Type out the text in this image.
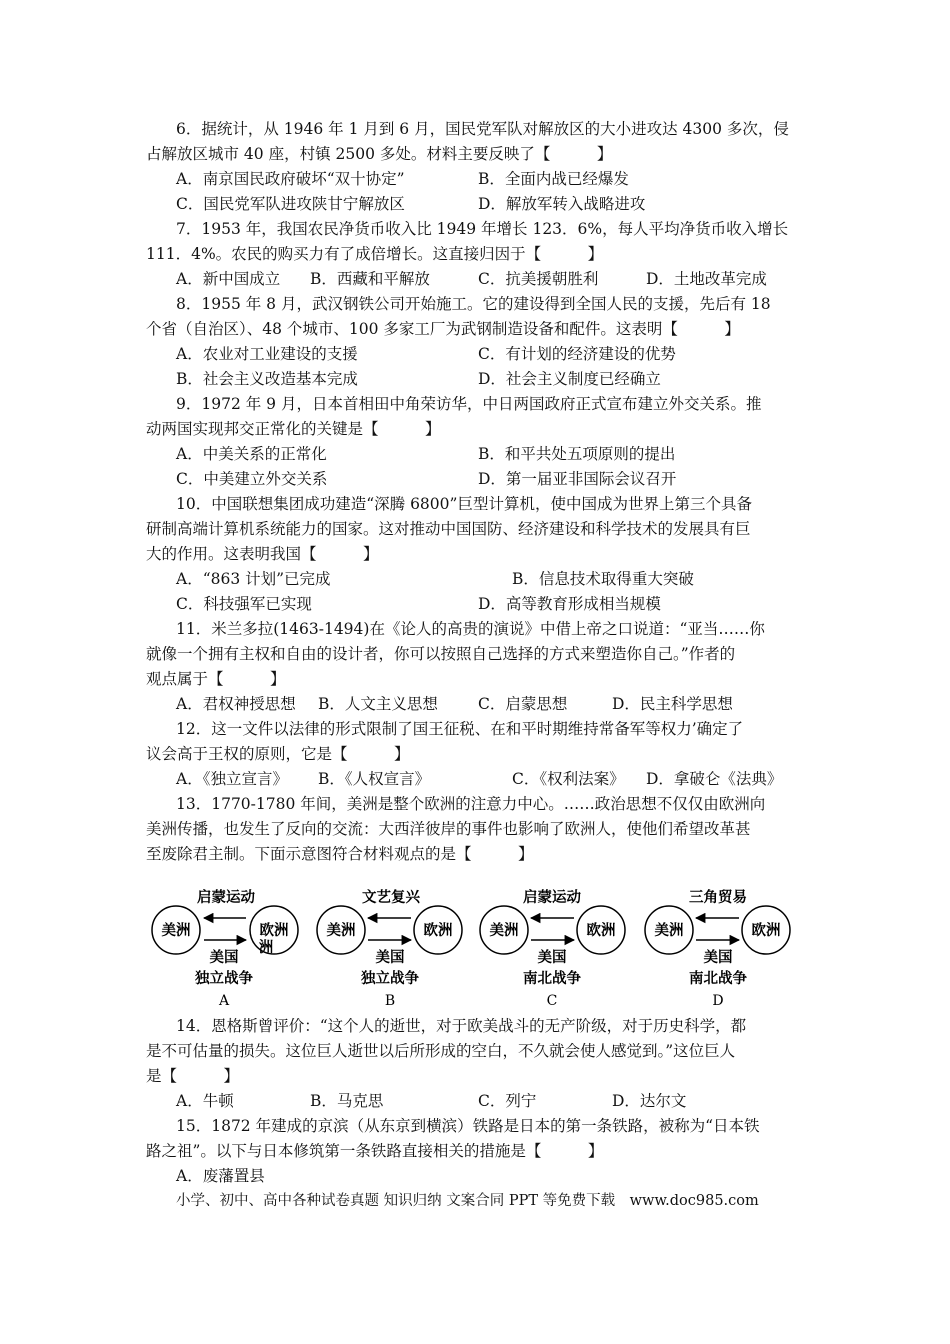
6．据统计，从 1946 年 1 月到 6 月，国民党军队对解放区的大小进攻达 4300 多次，侵
占解放区城市 40 座，村镇 2500 多处。材料主要反映了【　　　】
A．南京国民政府破坏“双十协定”	B．全面内战已经爆发
C．国民党军队进攻陕甘宁解放区	D．解放军转入战略进攻
7．1953 年，我国农民净货币收入比 1949 年增长 123．6%，每人平均净货币收入增长
111．4%。农民的购买力有了成倍增长。这直接归因于【　　　】
A．新中国成立 B．西藏和平解放	C．抗美援朝胜利	D．土地改革完成
8．1955 年 8 月，武汉钢铁公司开始施工。它的建设得到全国人民的支援，先后有 18
个省（自治区）、48 个城市、100 多家工厂为武钢制造设备和配件。这表明【　　　】
A．农业对工业建设的支援	C．有计划的经济建设的优势
B．社会主义改造基本完成	D．社会主义制度已经确立
9．1972 年 9 月，日本首相田中角荣访华，中日两国政府正式宣布建立外交关系。推
动两国实现邦交正常化的关键是【　　　】
A．中美关系的正常化	B．和平共处五项原则的提出
C．中美建立外交关系	D．第一届亚非国际会议召开
10．中国联想集团成功建造“深腾 6800”巨型计算机，使中国成为世界上第三个具备
研制高端计算机系统能力的国家。这对推动中国国防、经济建设和科学技术的发展具有巨
大的作用。这表明我国【　　　】
A．“863 计划”已完成	B．信息技术取得重大突破
C．科技强军已实现	D．高等教育形成相当规模
11．米兰多拉(1463-1494)在《论人的高贵的演说》中借上帝之口说道：“亚当……你
就像一个拥有主权和自由的设计者，你可以按照自己选择的方式来塑造你自己。”作者的
观点属于【　　　】
A．君权神授思想 B．人文主义思想	C．启蒙思想	D．民主科学思想
12．这一文件以法律的形式限制了国王征税、在和平时期维持常备军等权力’确定了
议会高于王权的原则，它是【　　　】
A．《独立宣言》 B．《人权宣言》	C．《权利法案》 D．拿破仑《法典》
13．1770-1780 年间，美洲是整个欧洲的注意力中心。……政治思想不仅仅由欧洲向
美洲传播，也发生了反向的交流：大西洋彼岸的事件也影响了欧洲人，使他们希望改革甚
至废除君主制。下面示意图符合材料观点的是【　　　】
启蒙运动
美洲	欧洲
洲
美国
独立战争
A
文艺复兴
美洲	欧洲
美国
独立战争
B
启蒙运动
美洲	欧洲
美国
南北战争
C
三角贸易
美洲	欧洲
美国
南北战争
D
14．恩格斯曾评价：“这个人的逝世，对于欧美战斗的无产阶级，对于历史科学，都
是不可估量的损失。这位巨人逝世以后所形成的空白，不久就会使人感觉到。”这位巨人
是【　　　】
A．牛顿	B．马克思	C．列宁	D．达尔文
15．1872 年建成的京滨（从东京到横滨）铁路是日本的第一条铁路，被称为“日本铁
路之祖”。以下与日本修筑第一条铁路直接相关的措施是【　　　】
A．废藩置县
小学、初中、高中各种试卷真题 知识归纳 文案合同 PPT 等免费下载　www.doc985.com
